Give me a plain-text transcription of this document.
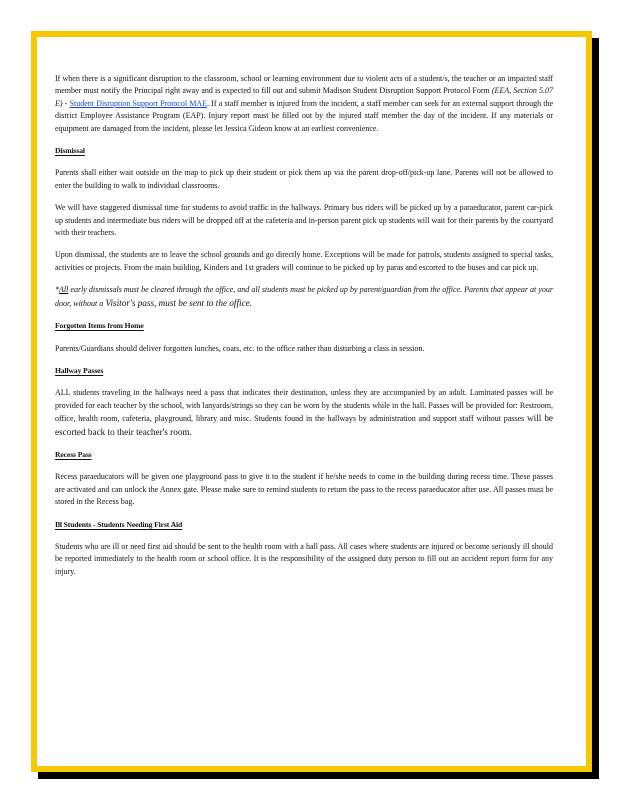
If when there is a significant disruption to the classroom, school or learning environment due to violent acts of a student/s, the teacher or an impacted staff member must notify the Principal right away and is expected to fill out and submit Madison Student Disruption Support Protocol Form (EEA, Section 5.07 E) - Student Disruption Support Protocol MAE. If a staff member is injured from the incident, a staff member can seek for an external support through the district Employee Assistance Program (EAP). Injury report must be filled out by the injured staff member the day of the incident. If any materials or equipment are damaged from the incident, please let Jessica Gideon know at an earliest convenience.

Dismissal

Parents shall either wait outside on the map to pick up their student or pick them up via the parent drop-off/pick-up lane. Parents will not be allowed to enter the building to walk to individual classrooms.

We will have staggered dismissal time for students to avoid traffic in the hallways. Primary bus riders will be picked up by a paraeducator, parent car-pick up students and intermediate bus riders will be dropped off at the cafeteria and in-person parent pick up students will wait for their parents by the courtyard with their teachers.

Upon dismissal, the students are to leave the school grounds and go directly home. Exceptions will be made for patrols, students assigned to special tasks, activities or projects. From the main building, Kinders and 1st graders will continue to be picked up by paras and escorted to the buses and car pick up.

*All early dismissals must be cleared through the office, and all students must be picked up by parent/guardian from the office. Parents that appear at your door, without a Visitor's pass, must be sent to the office.

Forgotten Items from Home

Parents/Guardians should deliver forgotten lunches, coats, etc. to the office rather than disturbing a class in session.

Hallway Passes

ALL students traveling in the hallways need a pass that indicates their destination, unless they are accompanied by an adult. Laminated passes will be provided for each teacher by the school, with lanyards/strings so they can be worn by the students while in the hall. Passes will be provided for: Restroom, office, health room, cafeteria, playground, library and misc. Students found in the hallways by administration and support staff without passes will be escorted back to their teacher's room.

Recess Pass

Recess paraeducators will be given one playground pass to give it to the student if he/she needs to come in the building during recess time. These passes are activated and can unlock the Annex gate. Please make sure to remind students to return the pass to the recess paraeducator after use. All passes must be stored in the Recess bag.

Ill Students - Students Needing First Aid

Students who are ill or need first aid should be sent to the health room with a hall pass. All cases where students are injured or become seriously ill should be reported immediately to the health room or school office. It is the responsibility of the assigned duty person to fill out an accident report form for any injury.
